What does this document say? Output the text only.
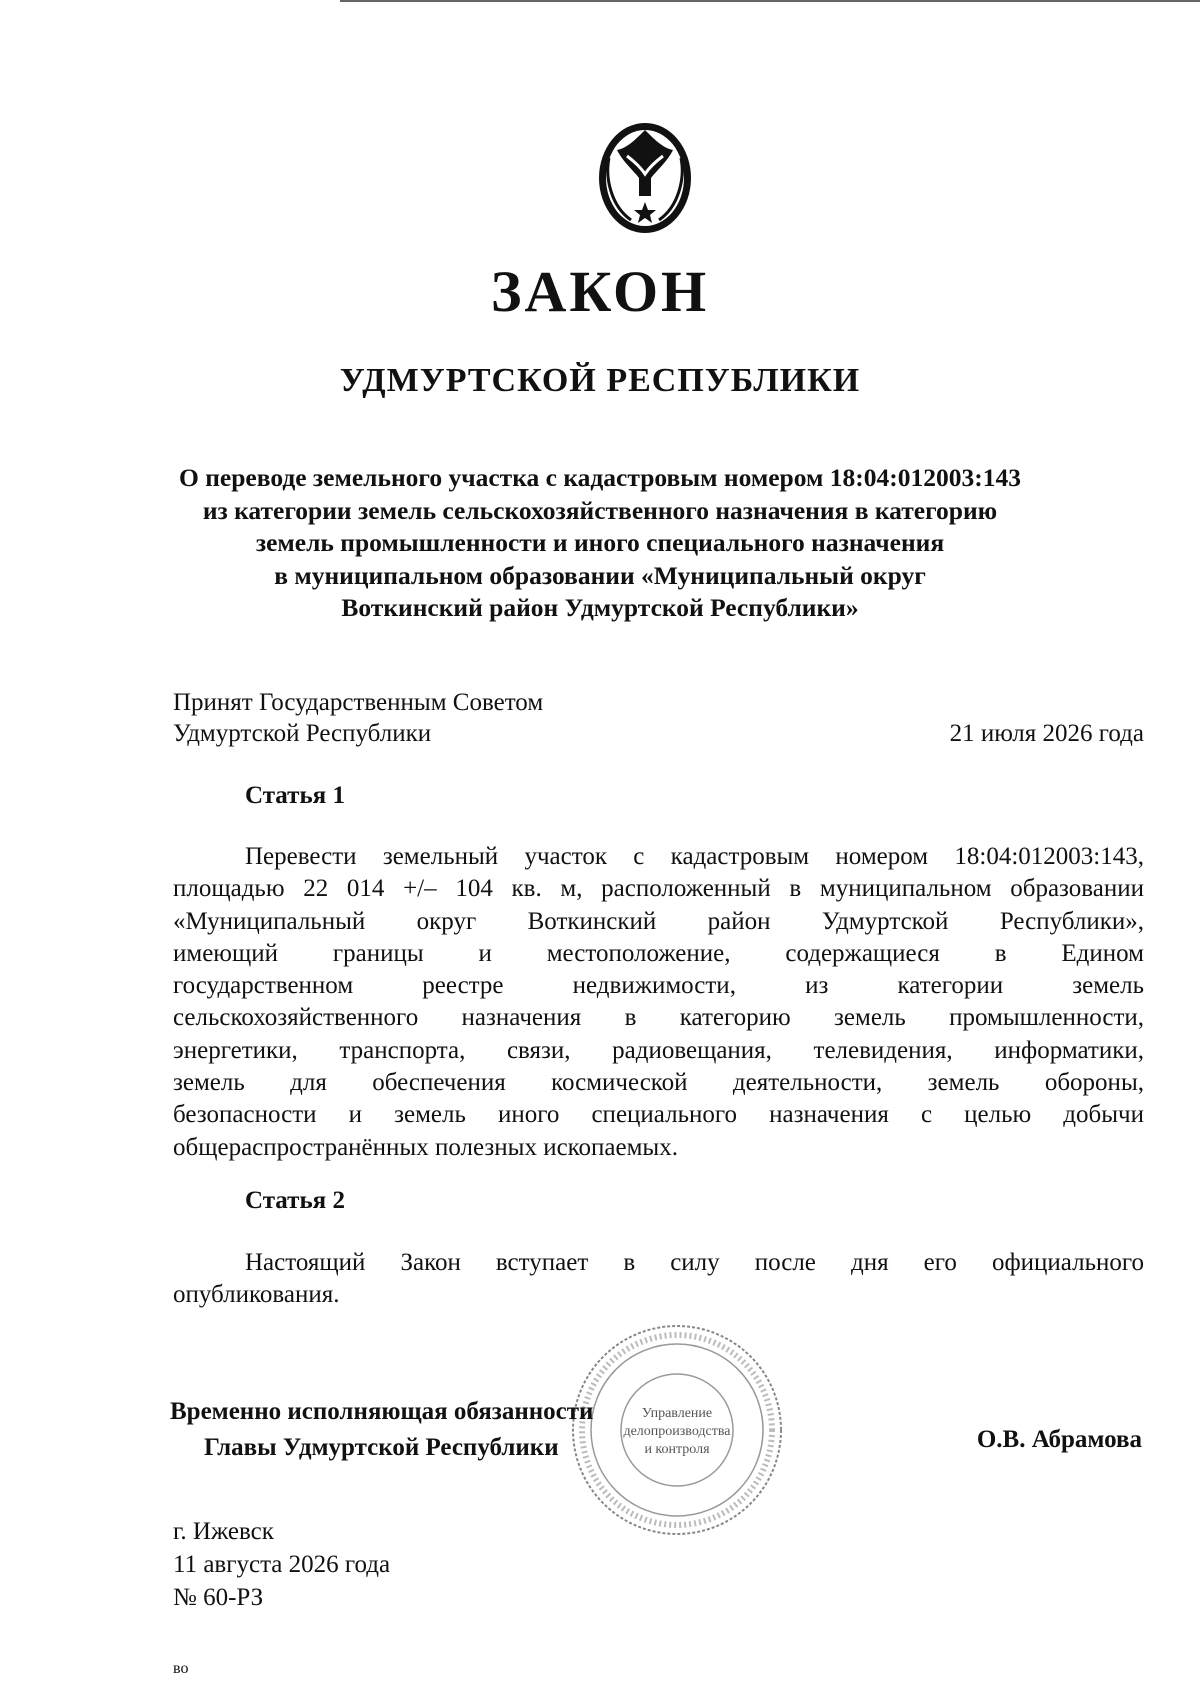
ЗАКОН
УДМУРТСКОЙ РЕСПУБЛИКИ
О переводе земельного участка с кадастровым номером 18:04:012003:143
из категории земель сельскохозяйственного назначения в категорию
земель промышленности и иного специального назначения
в муниципальном образовании «Муниципальный округ
Воткинский район Удмуртской Республики»
Принят Государственным Советом
Удмуртской Республики	21 июля 2026 года
Статья 1
Перевести земельный участок с кадастровым номером 18:04:012003:143,
площадью 22 014 +/– 104 кв. м, расположенный в муниципальном образовании
«Муниципальный округ Воткинский район Удмуртской Республики»,
имеющий границы и местоположение, содержащиеся в Едином
государственном реестре недвижимости, из категории земель
сельскохозяйственного назначения в категорию земель промышленности,
энергетики, транспорта, связи, радиовещания, телевидения, информатики,
земель для обеспечения космической деятельности, земель обороны,
безопасности и земель иного специального назначения с целью добычи
общераспространённых полезных ископаемых.
Статья 2
Настоящий Закон вступает в силу после дня его официального
опубликования.
Управление
делопроизводства
и контроля
Временно исполняющая обязанности
Главы Удмуртской Республики	О.В. Абрамова
г. Ижевск
11 августа 2026 года
№ 60-РЗ
во
